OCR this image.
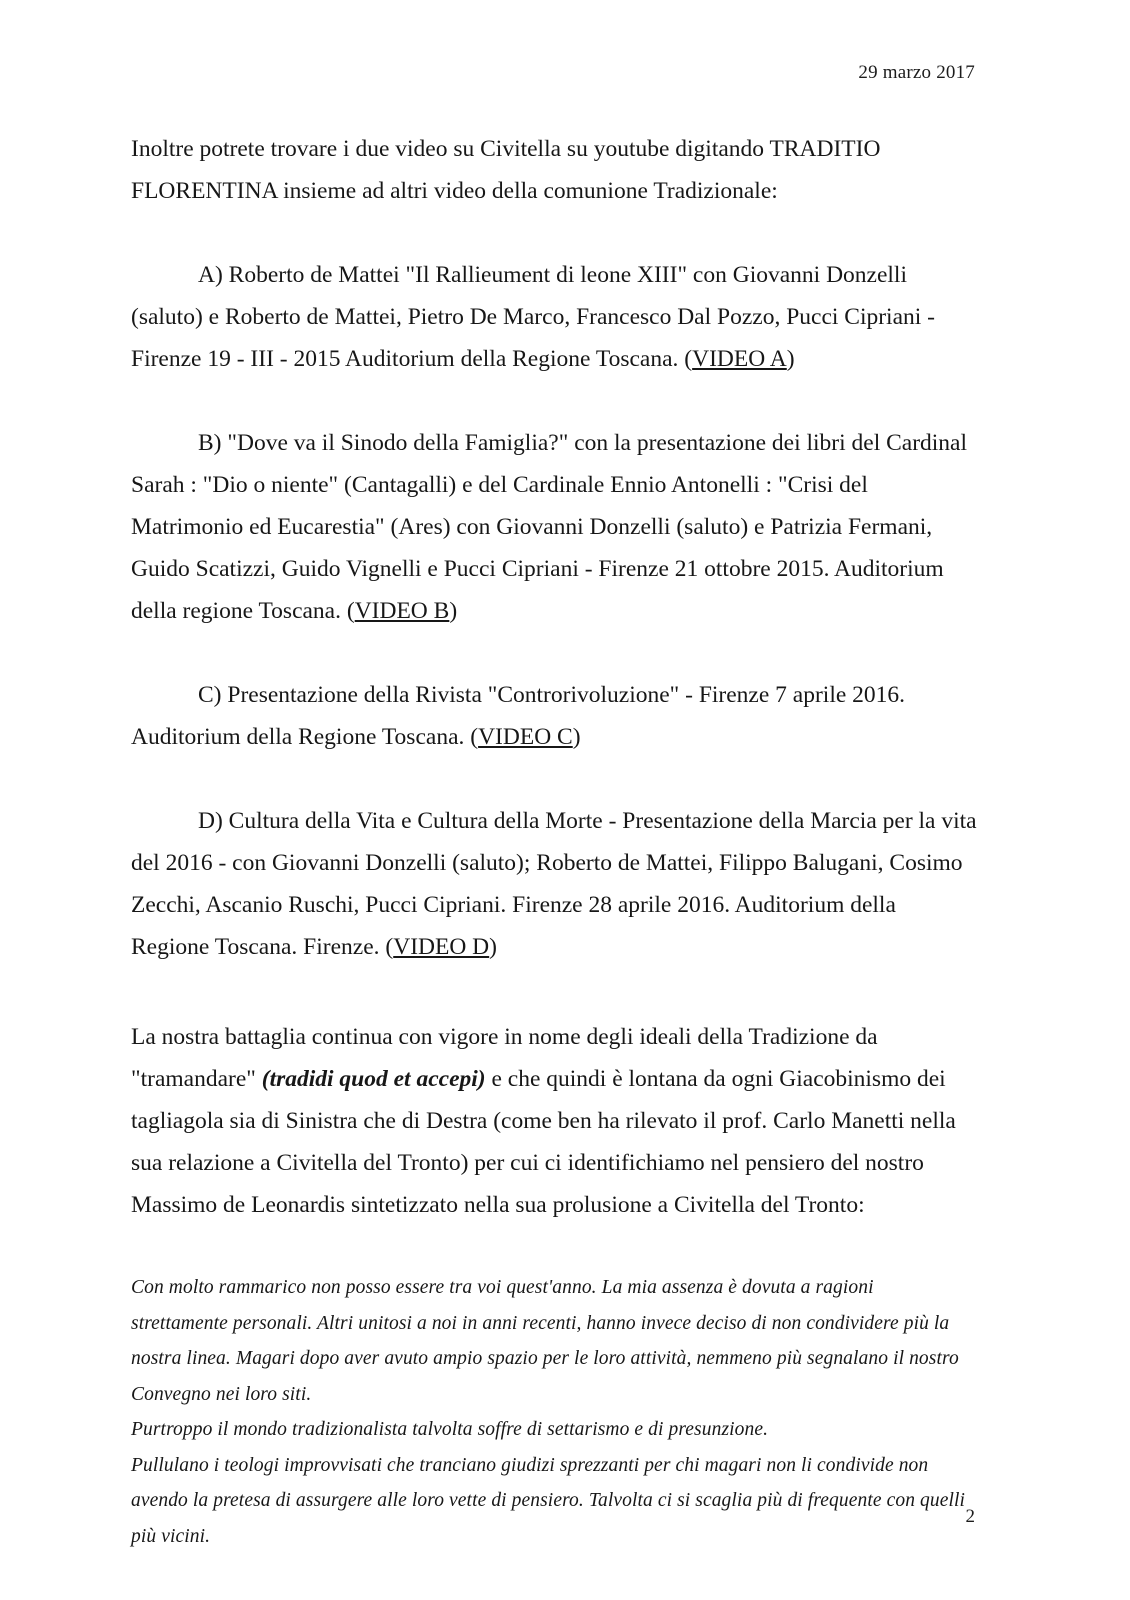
29 marzo 2017

Inoltre potrete trovare i due video su Civitella su youtube digitando TRADITIO FLORENTINA insieme ad altri video della comunione Tradizionale:

A) Roberto de Mattei "Il Rallieument di leone XIII" con Giovanni Donzelli (saluto) e Roberto de Mattei, Pietro De Marco, Francesco Dal Pozzo, Pucci Cipriani - Firenze 19 - III - 2015 Auditorium della Regione Toscana. (VIDEO A)

B) "Dove va il Sinodo della Famiglia?" con la presentazione dei libri del Cardinal Sarah : "Dio o niente" (Cantagalli) e del Cardinale Ennio Antonelli : "Crisi del Matrimonio ed Eucarestia" (Ares) con Giovanni Donzelli (saluto) e Patrizia Fermani, Guido Scatizzi, Guido Vignelli e Pucci Cipriani - Firenze 21 ottobre 2015. Auditorium della regione Toscana. (VIDEO B)

C) Presentazione della Rivista "Controrivoluzione" - Firenze 7 aprile 2016. Auditorium della Regione Toscana. (VIDEO C)

D) Cultura della Vita e Cultura della Morte - Presentazione della Marcia per la vita del 2016 - con Giovanni Donzelli (saluto); Roberto de Mattei, Filippo Balugani, Cosimo Zecchi, Ascanio Ruschi, Pucci Cipriani. Firenze 28 aprile 2016. Auditorium della Regione Toscana. Firenze. (VIDEO D)

La nostra battaglia continua con vigore in nome degli ideali della Tradizione da "tramandare" (tradidi quod et accepi) e che quindi è lontana da ogni Giacobinismo dei tagliagola sia di Sinistra che di Destra (come ben ha rilevato il prof. Carlo Manetti nella sua relazione a Civitella del Tronto) per cui ci identifichiamo nel pensiero del nostro Massimo de Leonardis sintetizzato nella sua prolusione a Civitella del Tronto:

Con molto rammarico non posso essere tra voi quest'anno. La mia assenza è dovuta a ragioni strettamente personali. Altri unitosi a noi in anni recenti, hanno invece deciso di non condividere più la nostra linea. Magari dopo aver avuto ampio spazio per le loro attività, nemmeno più segnalano il nostro Convegno nei loro siti.

Purtroppo il mondo tradizionalista talvolta soffre di settarismo e di presunzione.

Pullulano i teologi improvvisati che tranciano giudizi sprezzanti per chi magari non li condivide non avendo la pretesa di assurgere alle loro vette di pensiero. Talvolta ci si scaglia più di frequente con quelli più vicini.

2
